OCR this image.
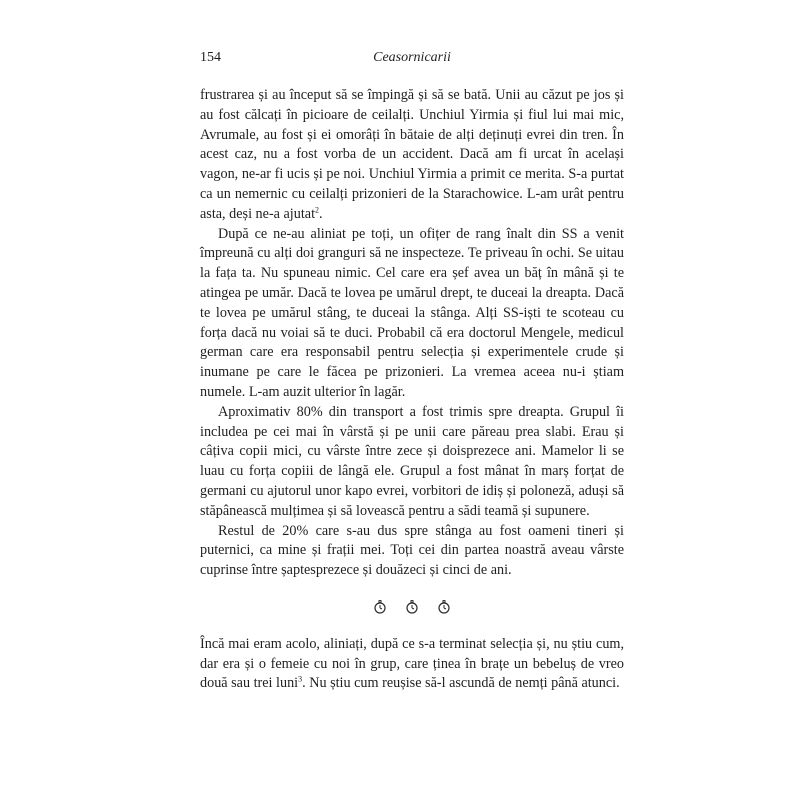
154	Ceasornicarii

frustrarea și au început să se împingă și să se bată. Unii au căzut pe jos și au fost călcați în picioare de ceilalți. Unchiul Yirmia și fiul lui mai mic, Avrumale, au fost și ei omorâți în bătaie de alți deținuți evrei din tren. În acest caz, nu a fost vorba de un accident. Dacă am fi urcat în același vagon, ne-ar fi ucis și pe noi. Unchiul Yirmia a primit ce merita. S-a purtat ca un nemernic cu ceilalți prizonieri de la Starachowice. L-am urât pentru asta, deși ne-a ajutat$^2$.

După ce ne-au aliniat pe toți, un ofițer de rang înalt din SS a venit împreună cu alți doi granguri să ne inspecteze. Te priveau în ochi. Se uitau la fața ta. Nu spuneau nimic. Cel care era șef avea un băț în mână și te atingea pe umăr. Dacă te lovea pe umărul drept, te duceai la dreapta. Dacă te lovea pe umărul stâng, te duceai la stânga. Alți SS-iști te scoteau cu forța dacă nu voiai să te duci. Probabil că era doctorul Mengele, medicul german care era responsabil pentru selecția și experimentele crude și inumane pe care le făcea pe prizonieri. La vremea aceea nu-i știam numele. L-am auzit ulterior în lagăr.

Aproximativ 80% din transport a fost trimis spre dreapta. Grupul îi includea pe cei mai în vârstă și pe unii care păreau prea slabi. Erau și câțiva copii mici, cu vârste între zece și doisprezece ani. Mamelor li se luau cu forța copiii de lângă ele. Grupul a fost mânat în marș forțat de germani cu ajutorul unor kapo evrei, vorbitori de idiș și poloneză, aduși să stăpânească mulțimea și să lovească pentru a sădi teamă și supunere.

Restul de 20% care s-au dus spre stânga au fost oameni tineri și puternici, ca mine și frații mei. Toți cei din partea noastră aveau vârste cuprinse între șaptesprezece și douăzeci și cinci de ani.

Încă mai eram acolo, aliniați, după ce s-a terminat selecția și, nu știu cum, dar era și o femeie cu noi în grup, care ținea în brațe un bebeluș de vreo două sau trei luni$^3$. Nu știu cum reușise să-l ascundă de nemți până atunci.
